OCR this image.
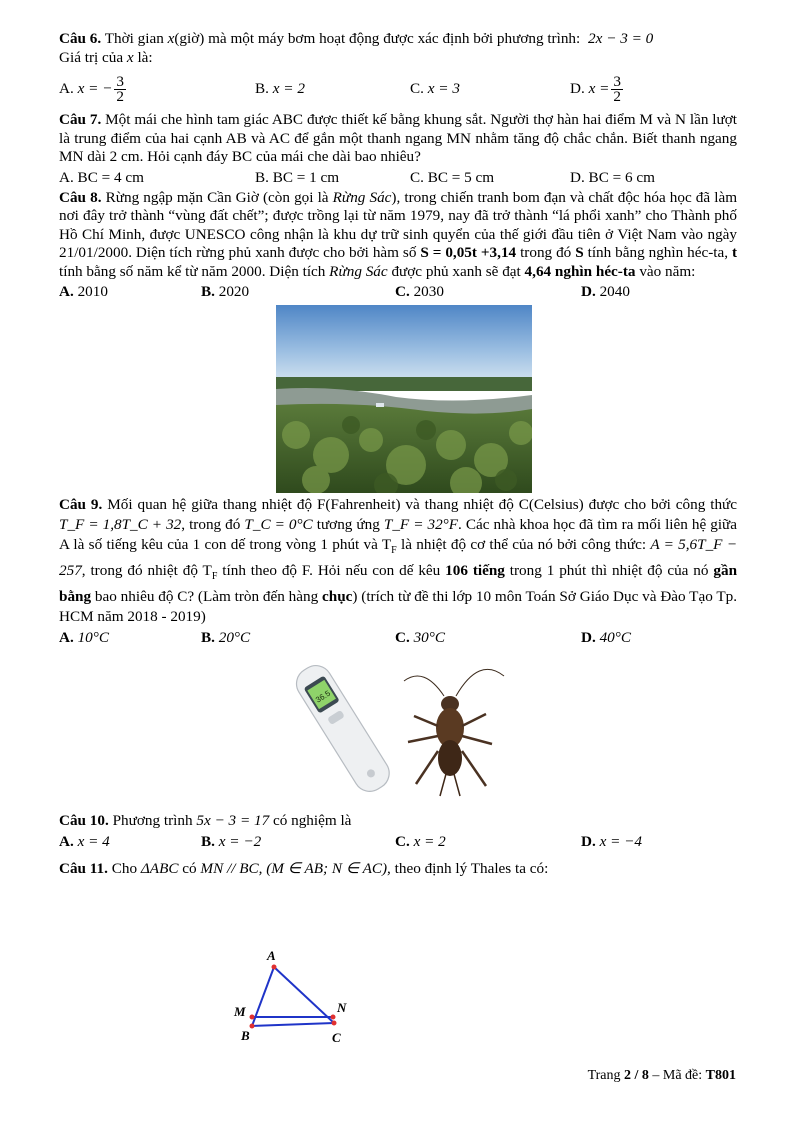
Câu 6. Thời gian x(giờ) mà một máy bơm hoạt động được xác định bởi phương trình: 2x − 3 = 0

Giá trị của x là:

A. x = − $\frac{3}{2}$	B. x = 2	C. x = 3	D. $x = \frac{3}{2}$

Câu 7. Một mái che hình tam giác ABC được thiết kế bằng khung sắt. Người thợ hàn hai điểm M và N lần lượt là trung điểm của hai cạnh AB và AC để gắn một thanh ngang MN nhằm tăng độ chắc chắn. Biết thanh ngang MN dài 2 cm. Hỏi cạnh đáy BC của mái che dài bao nhiêu?

A. BC = 4 cm	B. BC = 1 cm	C. BC = 5 cm	D. BC = 6 cm

Câu 8. Rừng ngập mặn Cần Giờ (còn gọi là Rừng Sác), trong chiến tranh bom đạn và chất độc hóa học đã làm nơi đây trở thành “vùng đất chết”; được trồng lại từ năm 1979, nay đã trở thành “lá phổi xanh” cho Thành phố Hồ Chí Minh, được UNESCO công nhận là khu dự trữ sinh quyển của thế giới đầu tiên ở Việt Nam vào ngày 21/01/2000. Diện tích rừng phủ xanh được cho bởi hàm số S = 0,05t +3,14 trong đó S tính bằng nghìn héc-ta, t tính bằng số năm kể từ năm 2000. Diện tích Rừng Sác được phủ xanh sẽ đạt 4,64 nghìn héc-ta vào năm:

A. 2010	B. 2020	C. 2030	D. 2040

Câu 9. Mối quan hệ giữa thang nhiệt độ F(Fahrenheit) và thang nhiệt độ C(Celsius) được cho bởi công thức T_F = 1,8T_C + 32, trong đó T_C = 0°C tương ứng T_F = 32°F. Các nhà khoa học đã tìm ra mối liên hệ giữa A là số tiếng kêu của 1 con dế trong vòng 1 phút và $T_F$ là nhiệt độ cơ thể của nó bởi công thức: A = 5,6T_F − 257, trong đó nhiệt độ $T_F$ tính theo độ F. Hỏi nếu con dế kêu 106 tiếng trong 1 phút thì nhiệt độ của nó gần bằng bao nhiêu độ C? (Làm tròn đến hàng chục) (trích từ đề thi lớp 10 môn Toán Sở Giáo Dục và Đào Tạo Tp. HCM năm 2018 - 2019)

A. 10°C	B. 20°C	C. 30°C	D. 40°C
36.5

Câu 10. Phương trình 5x − 3 = 17 có nghiệm là

A. x = 4	B. x = −2	C. x = 2	D. x = −4

Câu 11. Cho ΔABC có MN // BC, (M ∈ AB; N ∈ AC), theo định lý Thales ta có:

A
M	N
B	C
Trang 2 / 8 – Mã đề: T801
